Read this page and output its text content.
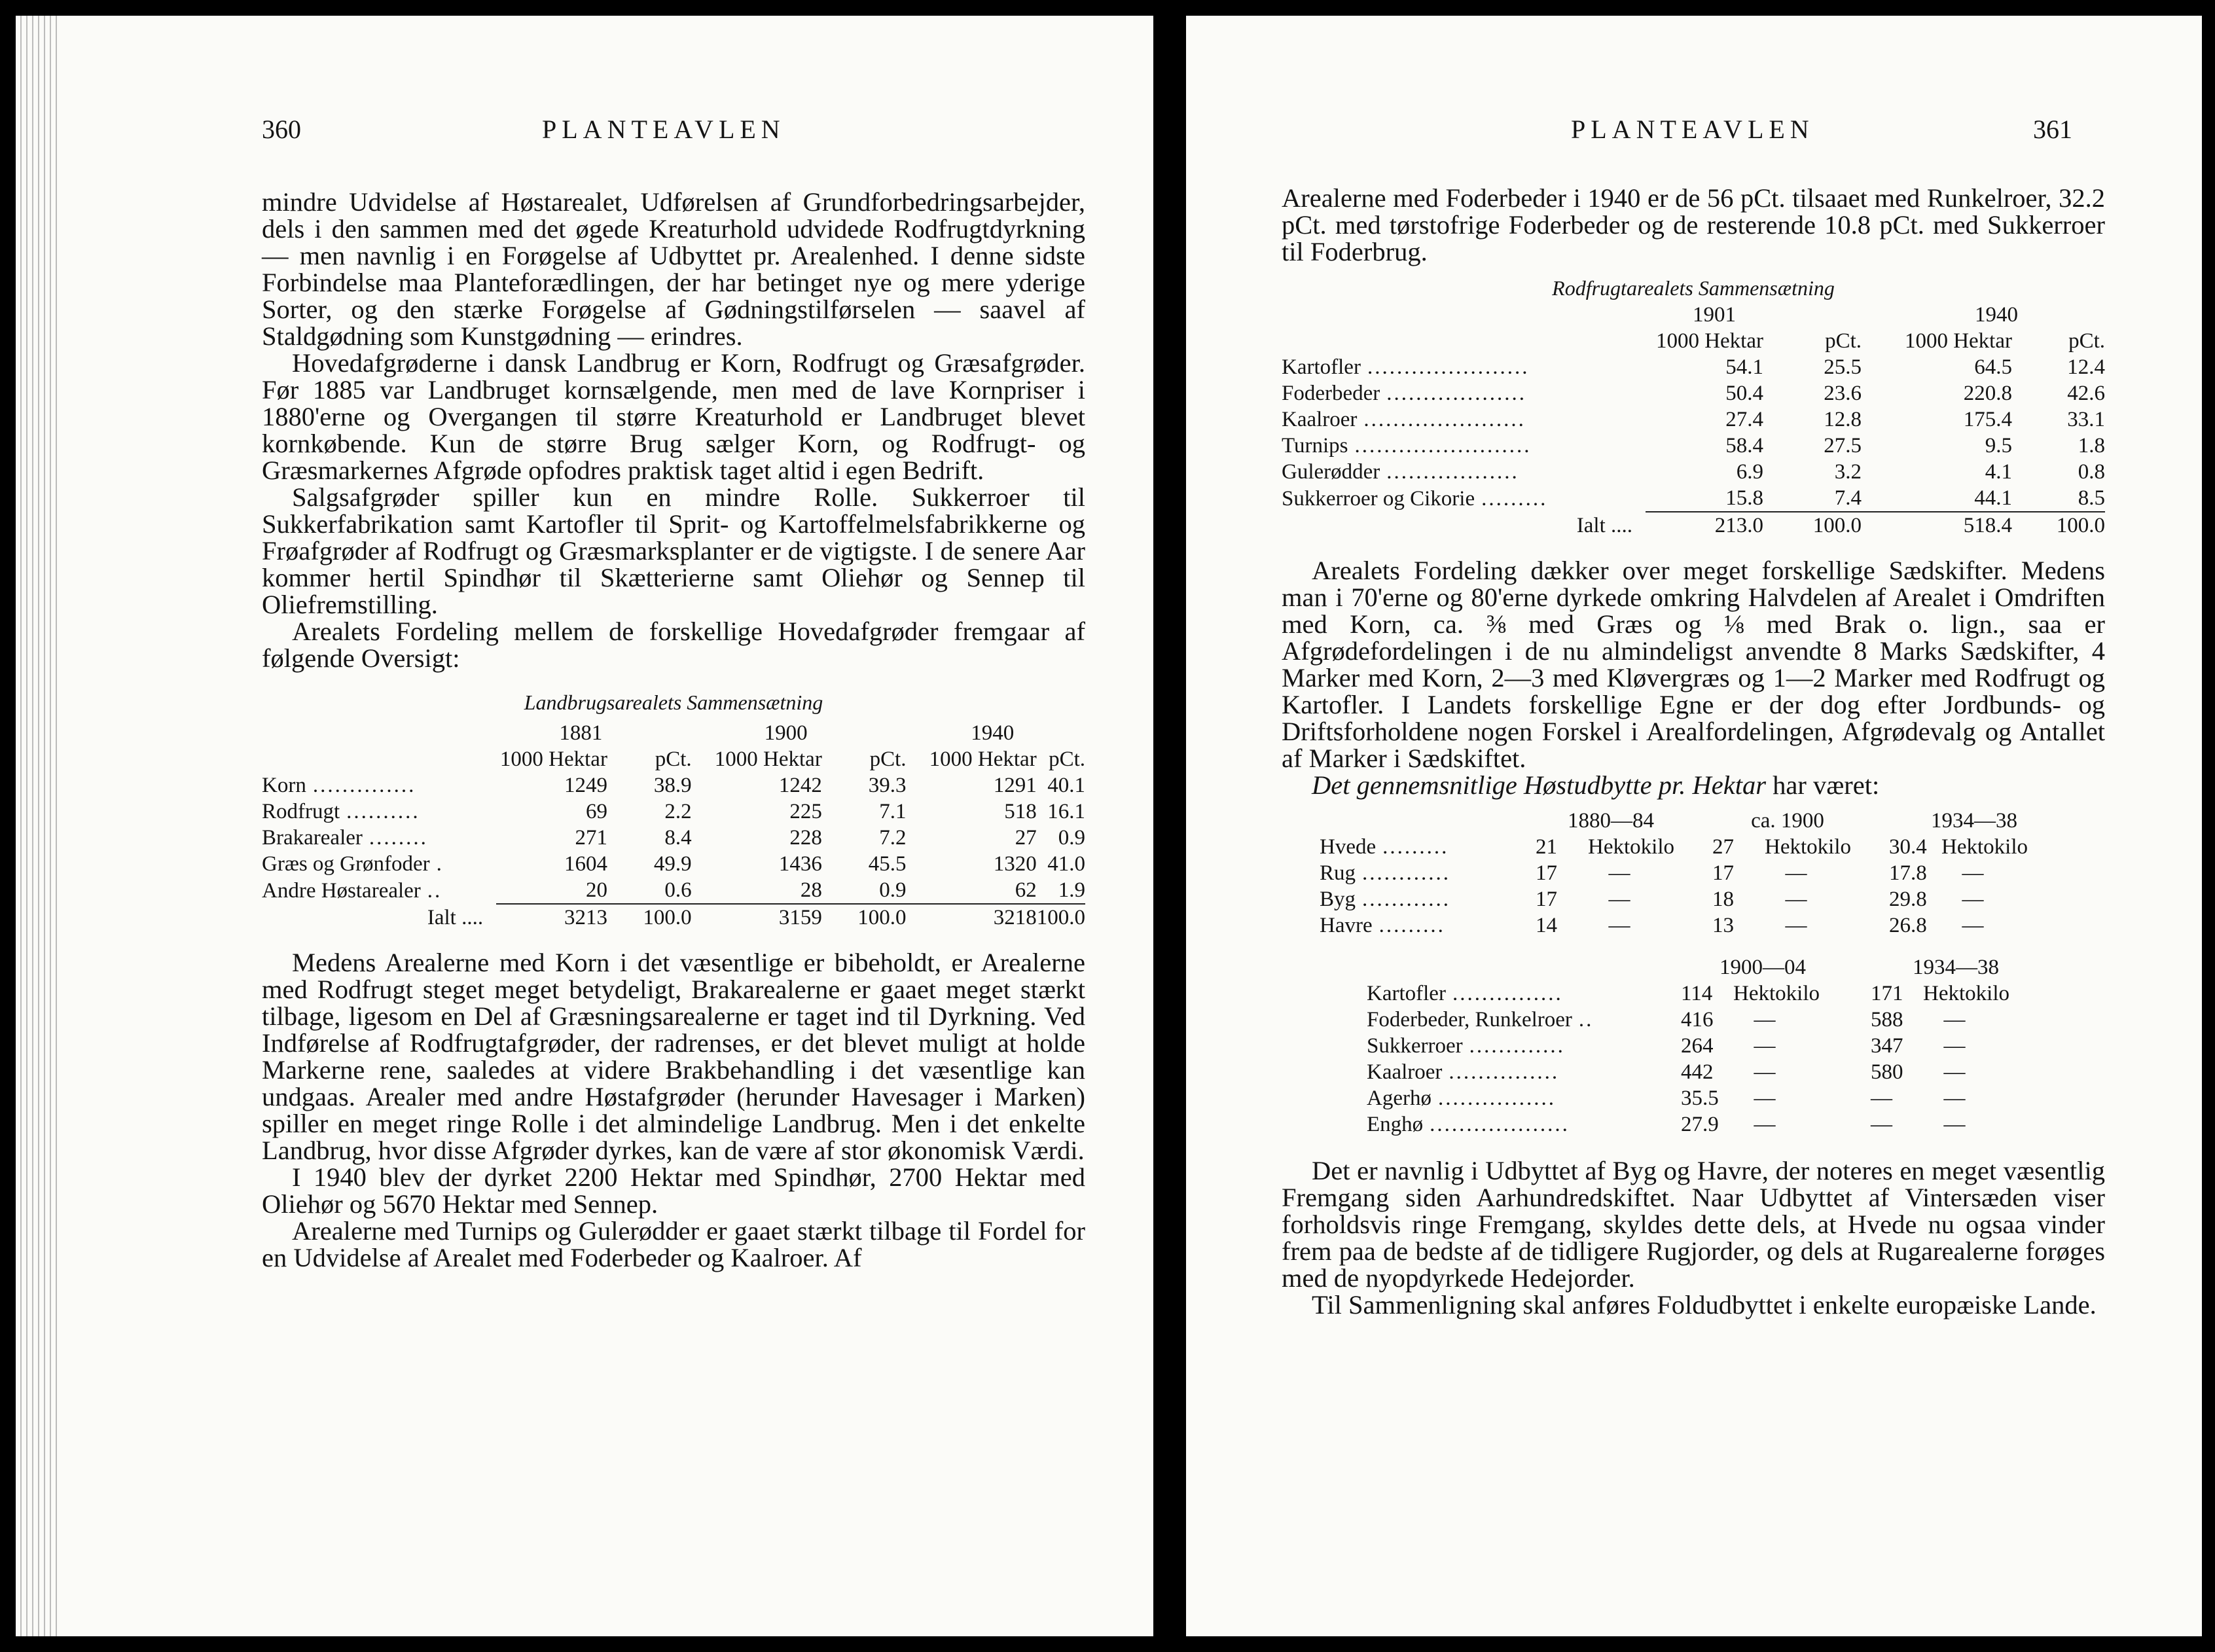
360	PLANTEAVLEN

mindre Udvidelse af Høstarealet, Udførelsen af Grundforbedringsarbejder, dels i den sammen med det øgede Kreaturhold udvidede Rodfrugtdyrkning — men navnlig i en Forøgelse af Udbyttet pr. Arealenhed. I denne sidste Forbindelse maa Planteforædlingen, der har betinget nye og mere yderige Sorter, og den stærke Forøgelse af Gødningstilførselen — saavel af Staldgødning som Kunstgødning — erindres.

Hovedafgrøderne i dansk Landbrug er Korn, Rodfrugt og Græsafgrøder. Før 1885 var Landbruget kornsælgende, men med de lave Kornpriser i 1880'erne og Overgangen til større Kreaturhold er Landbruget blevet kornkøbende. Kun de større Brug sælger Korn, og Rodfrugt- og Græsmarkernes Afgrøde opfodres praktisk taget altid i egen Bedrift.

Salgsafgrøder spiller kun en mindre Rolle. Sukkerroer til Sukkerfabrikation samt Kartofler til Sprit- og Kartoffelmelsfabrikkerne og Frøafgrøder af Rodfrugt og Græsmarksplanter er de vigtigste. I de senere Aar kommer hertil Spindhør til Skætterierne samt Oliehør og Sennep til Oliefremstilling.

Arealets Fordeling mellem de forskellige Hovedafgrøder fremgaar af følgende Oversigt:

Landbrugsarealets Sammensætning
	1881		1900		1940	
	1000 Hektar	pCt.	1000 Hektar	pCt.	1000 Hektar	pCt.
Korn ..............	1249	38.9	1242	39.3	1291	40.1
Rodfrugt ..........	69	2.2	225	7.1	518	16.1
Brakarealer ........	271	8.4	228	7.2	27	0.9
Græs og Grønfoder .	1604	49.9	1436	45.5	1320	41.0
Andre Høstarealer ..	20	0.6	28	0.9	62	1.9
Ialt ....	3213	100.0	3159	100.0	3218	100.0

Medens Arealerne med Korn i det væsentlige er bibeholdt, er Arealerne med Rodfrugt steget meget betydeligt, Brakarealerne er gaaet meget stærkt tilbage, ligesom en Del af Græsningsarealerne er taget ind til Dyrkning. Ved Indførelse af Rodfrugtafgrøder, der radrenses, er det blevet muligt at holde Markerne rene, saaledes at videre Brakbehandling i det væsentlige kan undgaas. Arealer med andre Høstafgrøder (herunder Havesager i Marken) spiller en meget ringe Rolle i det almindelige Landbrug. Men i det enkelte Landbrug, hvor disse Afgrøder dyrkes, kan de være af stor økonomisk Værdi.

I 1940 blev der dyrket 2200 Hektar med Spindhør, 2700 Hektar med Oliehør og 5670 Hektar med Sennep.

Arealerne med Turnips og Gulerødder er gaaet stærkt tilbage til Fordel for en Udvidelse af Arealet med Foderbeder og Kaalroer. Af

PLANTEAVLEN	361

Arealerne med Foderbeder i 1940 er de 56 pCt. tilsaaet med Runkelroer, 32.2 pCt. med tørstofrige Foderbeder og de resterende 10.8 pCt. med Sukkerroer til Foderbrug.

Rodfrugtarealets Sammensætning
	1901		1940	
	1000 Hektar	pCt.	1000 Hektar	pCt.
Kartofler ......................	54.1	25.5	64.5	12.4
Foderbeder ...................	50.4	23.6	220.8	42.6
Kaalroer ......................	27.4	12.8	175.4	33.1
Turnips ........................	58.4	27.5	9.5	1.8
Gulerødder ..................	6.9	3.2	4.1	0.8
Sukkerroer og Cikorie .........	15.8	7.4	44.1	8.5
Ialt ....	213.0	100.0	518.4	100.0

Arealets Fordeling dækker over meget forskellige Sædskifter. Medens man i 70'erne og 80'erne dyrkede omkring Halvdelen af Arealet i Omdriften med Korn, ca. ⅜ med Græs og ⅛ med Brak o. lign., saa er Afgrødefordelingen i de nu almindeligst anvendte 8 Marks Sædskifter, 4 Marker med Korn, 2—3 med Kløvergræs og 1—2 Marker med Rodfrugt og Kartofler. I Landets forskellige Egne er der dog efter Jordbunds- og Driftsforholdene nogen Forskel i Arealfordelingen, Afgrødevalg og Antallet af Marker i Sædskiftet.

Det gennemsnitlige Høstudbytte pr. Hektar har været:

	1880—84	ca. 1900	1934—38
Hvede .........	21 Hektokilo	27 Hektokilo	30.4 Hektokilo
Rug ............	17 —	17 —	17.8 —
Byg ............	17 —	18 —	29.8 —
Havre .........	14 —	13 —	26.8 —
	1900—04	1934—38
Kartofler ...............	114 Hektokilo	171 Hektokilo
Foderbeder, Runkelroer ..	416 —	588 —
Sukkerroer .............	264 —	347 —
Kaalroer ...............	442 —	580 —
Agerhø ................	35.5 —	— —
Enghø ...................	27.9 —	— —

Det er navnlig i Udbyttet af Byg og Havre, der noteres en meget væsentlig Fremgang siden Aarhundredskiftet. Naar Udbyttet af Vintersæden viser forholdsvis ringe Fremgang, skyldes dette dels, at Hvede nu ogsaa vinder frem paa de bedste af de tidligere Rugjorder, og dels at Rugarealerne forøges med de nyopdyrkede Hedejorder.

Til Sammenligning skal anføres Foldudbyttet i enkelte europæiske Lande.
